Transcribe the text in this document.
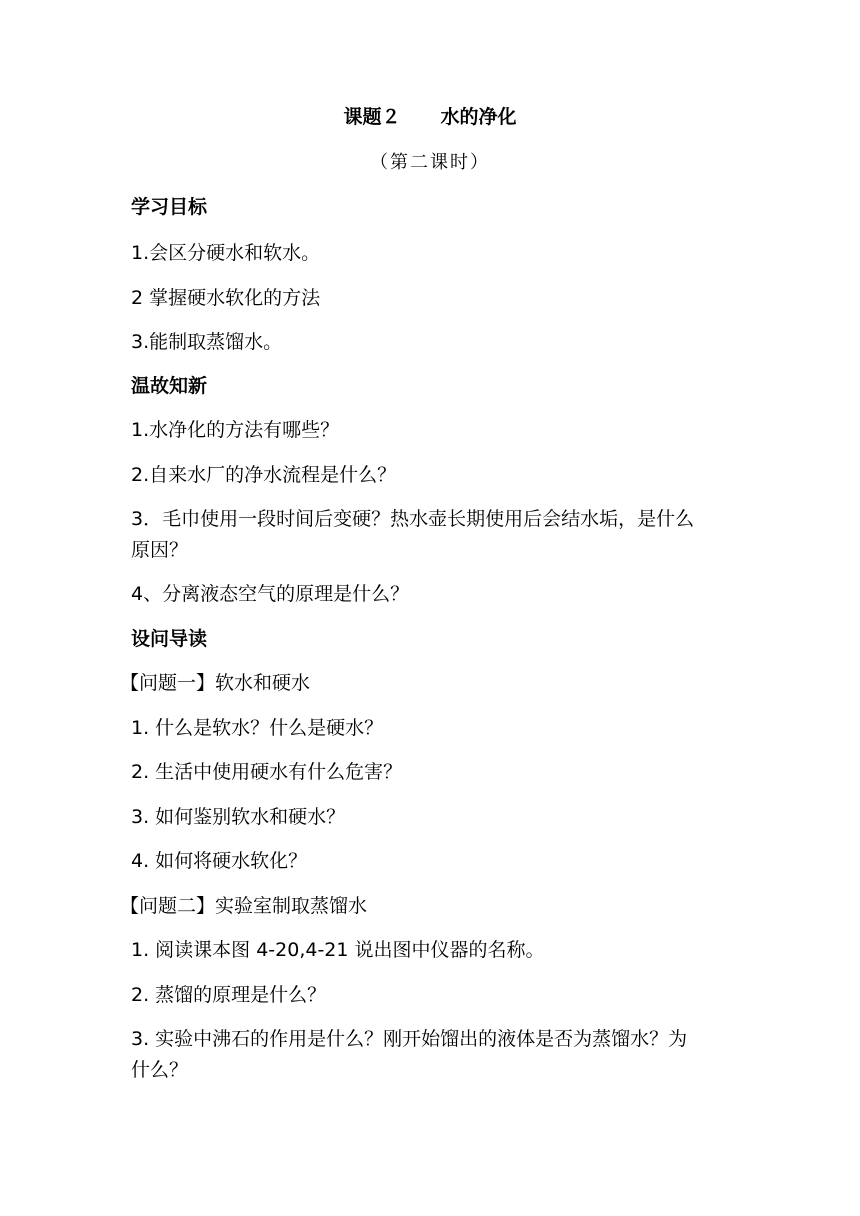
课题２ 水的净化
（第二课时）
学习目标
1.会区分硬水和软水。
2 掌握硬水软化的方法
3.能制取蒸馏水。
温故知新
1.水净化的方法有哪些？
2.自来水厂的净水流程是什么？
3．毛巾使用一段时间后变硬？热水壶长期使用后会结水垢，是什么
原因？
4、分离液态空气的原理是什么？
设问导读
【问题一】软水和硬水
1. 什么是软水？什么是硬水？
2. 生活中使用硬水有什么危害？
3. 如何鉴别软水和硬水？
4. 如何将硬水软化？
【问题二】实验室制取蒸馏水
1. 阅读课本图 4-20,4-21 说出图中仪器的名称。
2. 蒸馏的原理是什么？
3. 实验中沸石的作用是什么？刚开始馏出的液体是否为蒸馏水？为
什么？
